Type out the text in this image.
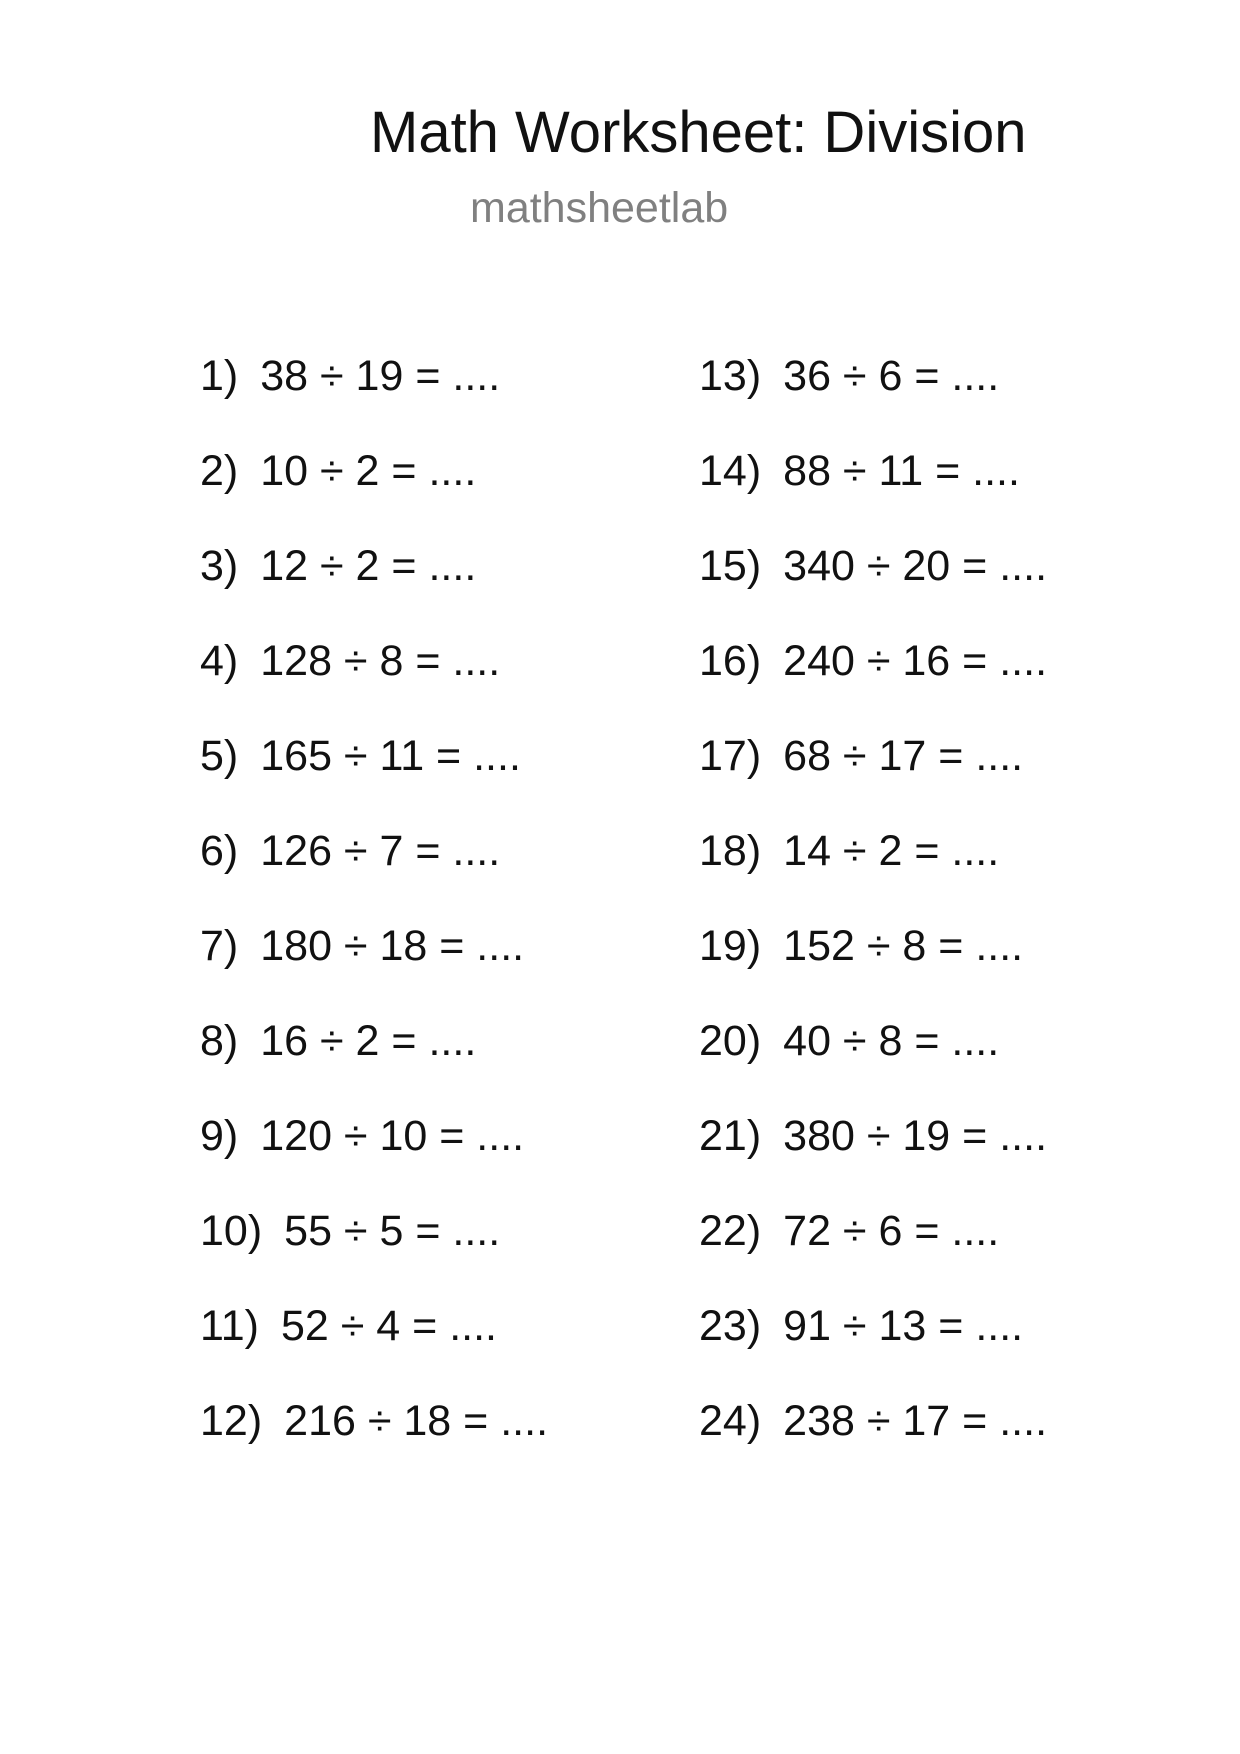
Math Worksheet: Division
mathsheetlab
1) 38 ÷ 19 = ....
2) 10 ÷ 2 = ....
3) 12 ÷ 2 = ....
4) 128 ÷ 8 = ....
5) 165 ÷ 11 = ....
6) 126 ÷ 7 = ....
7) 180 ÷ 18 = ....
8) 16 ÷ 2 = ....
9) 120 ÷ 10 = ....
10) 55 ÷ 5 = ....
11) 52 ÷ 4 = ....
12) 216 ÷ 18 = ....
13) 36 ÷ 6 = ....
14) 88 ÷ 11 = ....
15) 340 ÷ 20 = ....
16) 240 ÷ 16 = ....
17) 68 ÷ 17 = ....
18) 14 ÷ 2 = ....
19) 152 ÷ 8 = ....
20) 40 ÷ 8 = ....
21) 380 ÷ 19 = ....
22) 72 ÷ 6 = ....
23) 91 ÷ 13 = ....
24) 238 ÷ 17 = ....
